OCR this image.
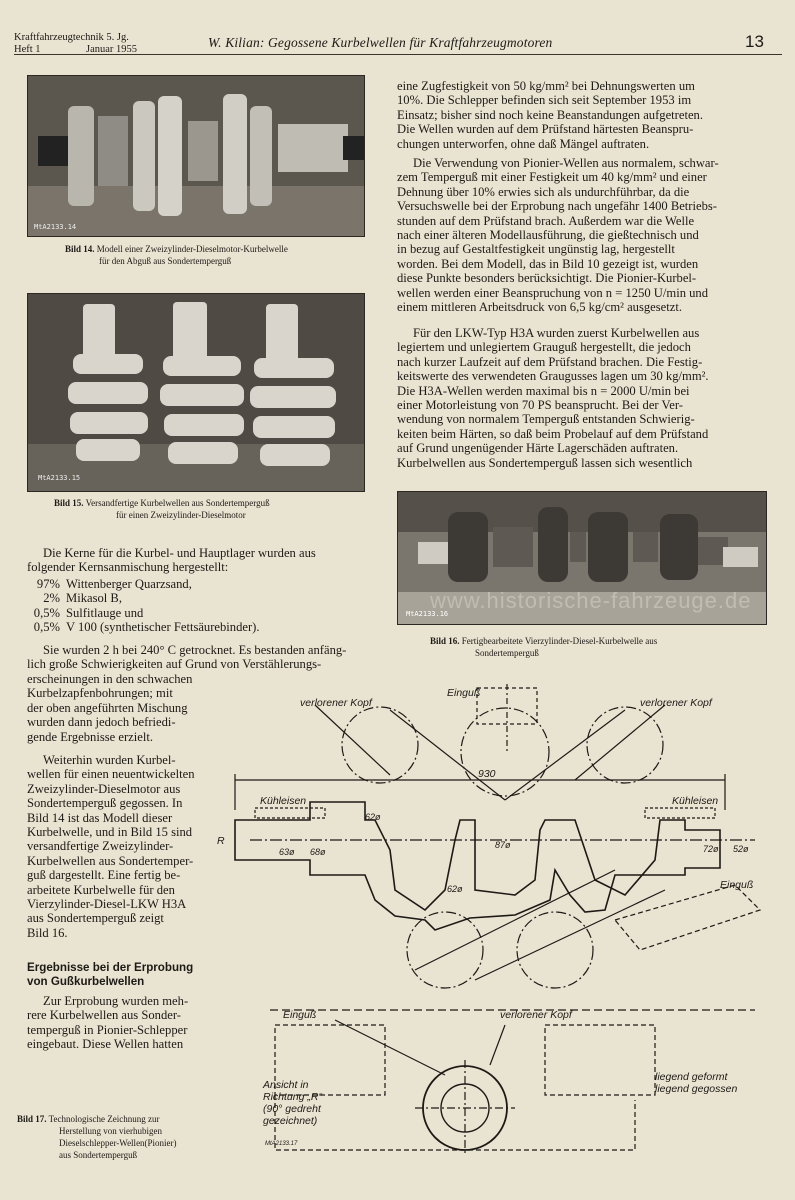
Kraftfahrzeugtechnik 5. Jg.
Heft 1	Januar 1955	W. Kilian: Gegossene Kurbelwellen für Kraftfahrzeugmotoren	13
MtA2133.14
Bild 14. Modell einer Zweizylinder-Dieselmotor-Kurbelwelle
für den Abguß aus Sondertemperguß
MtA2133.15
Bild 15. Versandfertige Kurbelwellen aus Sondertemperguß
für einen Zweizylinder-Dieselmotor
Die Kerne für die Kurbel- und Hauptlager wurden aus
folgender Kernsanmischung hergestellt:
97% Wittenberger Quarzsand,
2% Mikasol B,
0,5% Sulfitlauge und
0,5% V 100 (synthetischer Fettsäurebinder).
Sie wurden 2 h bei 240° C getrocknet. Es bestanden anfäng-
lich große Schwierigkeiten auf Grund von Verstählerungs-
erscheinungen in den schwachen
Kurbelzapfenbohrungen; mit
der oben angeführten Mischung
wurden dann jedoch befriedi-
gende Ergebnisse erzielt.
Weiterhin wurden Kurbel-
wellen für einen neuentwickelten
Zweizylinder-Dieselmotor aus
Sondertemperguß gegossen. In
Bild 14 ist das Modell dieser
Kurbelwelle, und in Bild 15 sind
versandfertige Zweizylinder-
Kurbelwellen aus Sondertemper-
guß dargestellt. Eine fertig be-
arbeitete Kurbelwelle für den
Vierzylinder-Diesel-LKW H3A
aus Sondertemperguß zeigt
Bild 16.
Ergebnisse bei der Erprobung
von Gußkurbelwellen
Zur Erprobung wurden meh-
rere Kurbelwellen aus Sonder-
temperguß in Pionier-Schlepper
eingebaut. Diese Wellen hatten
Bild 17. Technologische Zeichnung zur
Herstellung von vierhubigen
Dieselschlepper-Wellen(Pionier)
aus Sondertemperguß
eine Zugfestigkeit von 50 kg/mm² bei Dehnungswerten um
10%. Die Schlepper befinden sich seit September 1953 im
Einsatz; bisher sind noch keine Beanstandungen aufgetreten.
Die Wellen wurden auf dem Prüfstand härtesten Beanspru-
chungen unterworfen, ohne daß Mängel auftraten.
Die Verwendung von Pionier-Wellen aus normalem, schwar-
zem Temperguß mit einer Festigkeit um 40 kg/mm² und einer
Dehnung über 10% erwies sich als undurchführbar, da die
Versuchswelle bei der Erprobung nach ungefähr 1400 Betriebs-
stunden auf dem Prüfstand brach. Außerdem war die Welle
nach einer älteren Modellausführung, die gießtechnisch und
in bezug auf Gestaltfestigkeit ungünstig lag, hergestellt
worden. Bei dem Modell, das in Bild 10 gezeigt ist, wurden
diese Punkte besonders berücksichtigt. Die Pionier-Kurbel-
wellen werden einer Beanspruchung von n = 1250 U/min und
einem mittleren Arbeitsdruck von 6,5 kg/cm² ausgesetzt.
Für den LKW-Typ H3A wurden zuerst Kurbelwellen aus
legiertem und unlegiertem Grauguß hergestellt, die jedoch
nach kurzer Laufzeit auf dem Prüfstand brachen. Die Festig-
keitswerte des verwendeten Graugusses lagen um 30 kg/mm².
Die H3A-Wellen werden maximal bis n = 2000 U/min bei
einer Motorleistung von 70 PS beansprucht. Bei der Ver-
wendung von normalem Temperguß entstanden Schwierig-
keiten beim Härten, so daß beim Probelauf auf dem Prüfstand
auf Grund ungenügender Härte Lagerschäden auftraten.
Kurbelwellen aus Sondertemperguß lassen sich wesentlich
MtA2133.16
www.historische-fahrzeuge.de
Bild 16. Fertigbearbeitete Vierzylinder-Diesel-Kurbelwelle aus
Sondertemperguß
Einguß
verlorener Kopf	verlorener Kopf
930
Kühleisen	Kühleisen
R
63ø 68ø
62ø
87ø
62ø
72ø 52ø
Einguß
Einguß	verlorener Kopf
Ansicht in
Richtung „R“
(90° gedreht
gezeichnet)
liegend geformt
liegend gegossen
MtA2133.17
